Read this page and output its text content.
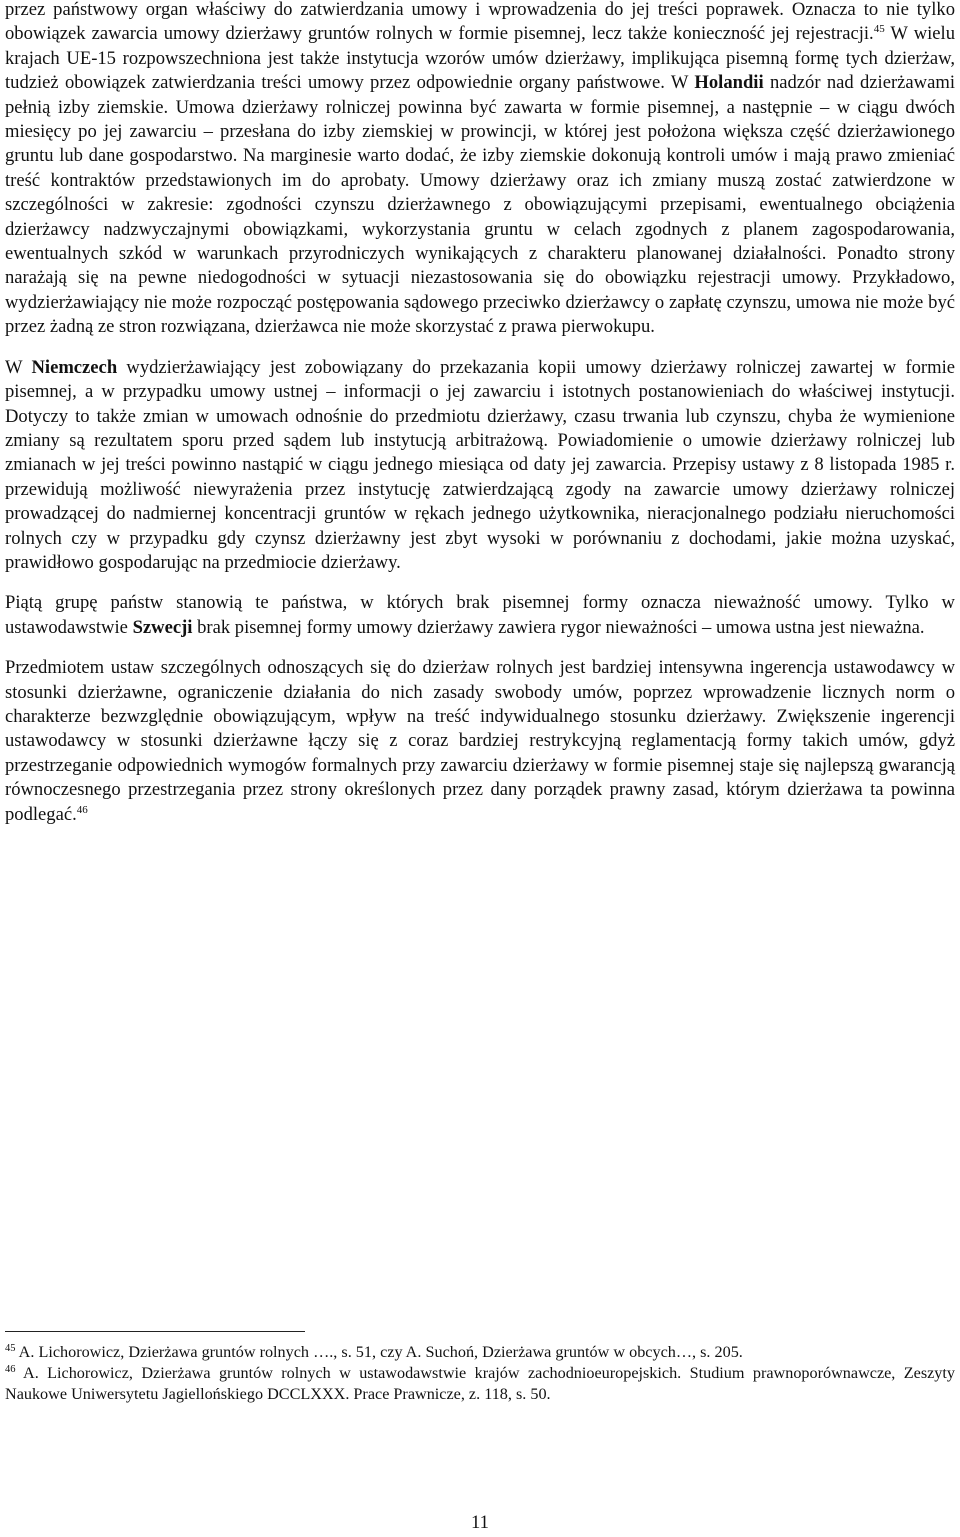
przez państwowy organ właściwy do zatwierdzania umowy i wprowadzenia do jej treści poprawek. Oznacza to nie tylko obowiązek zawarcia umowy dzierżawy gruntów rolnych w formie pisemnej, lecz także konieczność jej rejestracji.$^{45}$ W wielu krajach UE-15 rozpowszechniona jest także instytucja wzorów umów dzierżawy, implikująca pisemną formę tych dzierżaw, tudzież obowiązek zatwierdzania treści umowy przez odpowiednie organy państwowe. W Holandii nadzór nad dzierżawami pełnią izby ziemskie. Umowa dzierżawy rolniczej powinna być zawarta w formie pisemnej, a następnie – w ciągu dwóch miesięcy po jej zawarciu – przesłana do izby ziemskiej w prowincji, w której jest położona większa część dzierżawionego gruntu lub dane gospodarstwo. Na marginesie warto dodać, że izby ziemskie dokonują kontroli umów i mają prawo zmieniać treść kontraktów przedstawionych im do aprobaty. Umowy dzierżawy oraz ich zmiany muszą zostać zatwierdzone w szczególności w zakresie: zgodności czynszu dzierżawnego z obowiązującymi przepisami, ewentualnego obciążenia dzierżawcy nadzwyczajnymi obowiązkami, wykorzystania gruntu w celach zgodnych z planem zagospodarowania, ewentualnych szkód w warunkach przyrodniczych wynikających z charakteru planowanej działalności. Ponadto strony narażają się na pewne niedogodności w sytuacji niezastosowania się do obowiązku rejestracji umowy. Przykładowo, wydzierżawiający nie może rozpocząć postępowania sądowego przeciwko dzierżawcy o zapłatę czynszu, umowa nie może być przez żadną ze stron rozwiązana, dzierżawca nie może skorzystać z prawa pierwokupu.

W Niemczech wydzierżawiający jest zobowiązany do przekazania kopii umowy dzierżawy rolniczej zawartej w formie pisemnej, a w przypadku umowy ustnej – informacji o jej zawarciu i istotnych postanowieniach do właściwej instytucji. Dotyczy to także zmian w umowach odnośnie do przedmiotu dzierżawy, czasu trwania lub czynszu, chyba że wymienione zmiany są rezultatem sporu przed sądem lub instytucją arbitrażową. Powiadomienie o umowie dzierżawy rolniczej lub zmianach w jej treści powinno nastąpić w ciągu jednego miesiąca od daty jej zawarcia. Przepisy ustawy z 8 listopada 1985 r. przewidują możliwość niewyrażenia przez instytucję zatwierdzającą zgody na zawarcie umowy dzierżawy rolniczej prowadzącej do nadmiernej koncentracji gruntów w rękach jednego użytkownika, nieracjonalnego podziału nieruchomości rolnych czy w przypadku gdy czynsz dzierżawny jest zbyt wysoki w porównaniu z dochodami, jakie można uzyskać, prawidłowo gospodarując na przedmiocie dzierżawy.

Piątą grupę państw stanowią te państwa, w których brak pisemnej formy oznacza nieważność umowy. Tylko w ustawodawstwie Szwecji brak pisemnej formy umowy dzierżawy zawiera rygor nieważności – umowa ustna jest nieważna.

Przedmiotem ustaw szczególnych odnoszących się do dzierżaw rolnych jest bardziej intensywna ingerencja ustawodawcy w stosunki dzierżawne, ograniczenie działania do nich zasady swobody umów, poprzez wprowadzenie licznych norm o charakterze bezwzględnie obowiązującym, wpływ na treść indywidualnego stosunku dzierżawy. Zwiększenie ingerencji ustawodawcy w stosunki dzierżawne łączy się z coraz bardziej restrykcyjną reglamentacją formy takich umów, gdyż przestrzeganie odpowiednich wymogów formalnych przy zawarciu dzierżawy w formie pisemnej staje się najlepszą gwarancją równoczesnego przestrzegania przez strony określonych przez dany porządek prawny zasad, którym dzierżawa ta powinna podlegać.$^{46}$

$^{45}$ A. Lichorowicz, Dzierżawa gruntów rolnych …., s. 51, czy A. Suchoń, Dzierżawa gruntów w obcych…, s. 205.

$^{46}$ A. Lichorowicz, Dzierżawa gruntów rolnych w ustawodawstwie krajów zachodnioeuropejskich. Studium prawnoporównawcze, Zeszyty Naukowe Uniwersytetu Jagiellońskiego DCCLXXX. Prace Prawnicze, z. 118, s. 50.

11
